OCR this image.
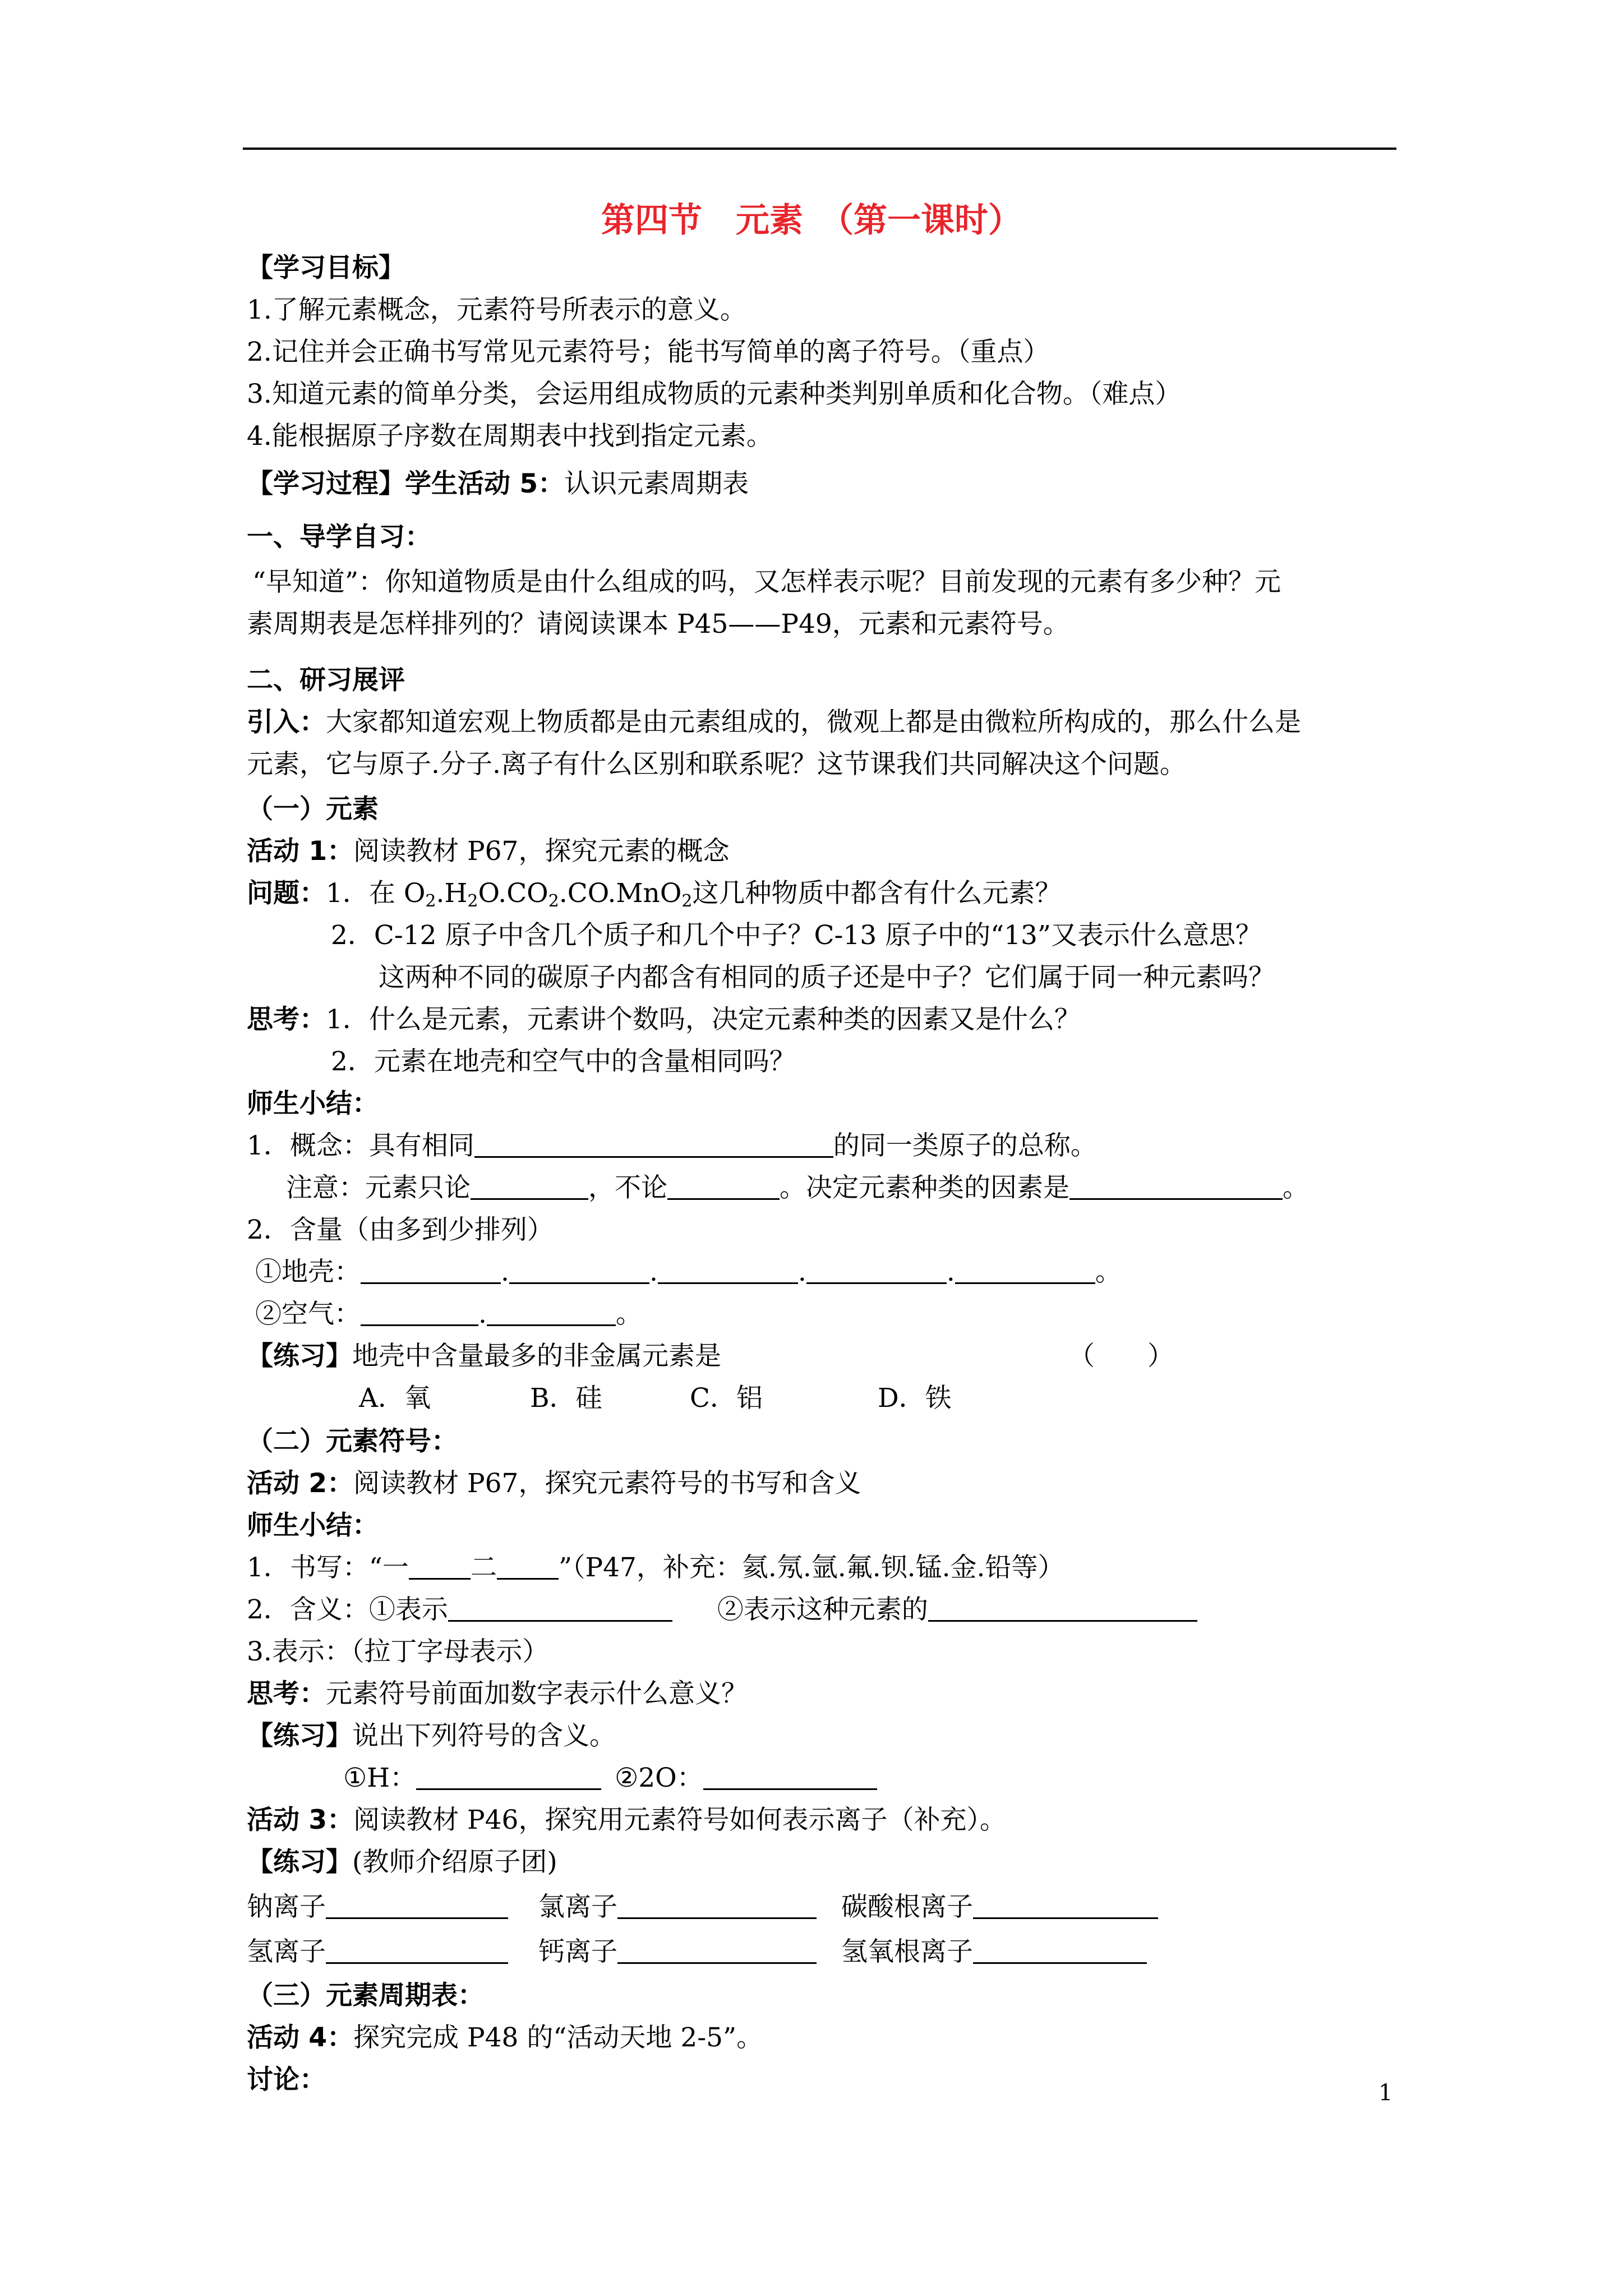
第四节　元素　（第一课时）
【学习目标】
1.了解元素概念，元素符号所表示的意义。
2.记住并会正确书写常见元素符号；能书写简单的离子符号。（重点）
3.知道元素的简单分类，会运用组成物质的元素种类判别单质和化合物。（难点）
4.能根据原子序数在周期表中找到指定元素。
【学习过程】学生活动 5：认识元素周期表
一、导学自习：
“早知道”：你知道物质是由什么组成的吗，又怎样表示呢？目前发现的元素有多少种？元
素周期表是怎样排列的？请阅读课本 P45——P49，元素和元素符号。
二、研习展评
引入：大家都知道宏观上物质都是由元素组成的，微观上都是由微粒所构成的，那么什么是
元素，它与原子.分子.离子有什么区别和联系呢？这节课我们共同解决这个问题。
（一）元素
活动 1：阅读教材 P67，探究元素的概念
问题：1．在 $O_2.H_2O.CO_2.CO.MnO_2$这几种物质中都含有什么元素？
2．C-12 原子中含几个质子和几个中子？C-13 原子中的“13”又表示什么意思？
这两种不同的碳原子内都含有相同的质子还是中子？它们属于同一种元素吗？
思考：1．什么是元素，元素讲个数吗，决定元素种类的因素又是什么？
2．元素在地壳和空气中的含量相同吗？
师生小结：
1．概念：具有相同	的同一类原子的总称。
注意：元素只论	，不论	。决定元素种类的因素是	。
2．含量（由多到少排列）
①地壳：	.	.	.	.	。
②空气：	.	。
【练习】地壳中含量最多的非金属元素是	（　　）
A．氧	B．硅	C．铝	D．铁
（二）元素符号：
活动 2：阅读教材 P67，探究元素符号的书写和含义
师生小结：
1．书写：“一 二 ”（P47，补充：氦.氖.氩.氟.钡.锰.金.铅等）
2．含义：①表示	②表示这种元素的
3.表示：（拉丁字母表示）
思考：元素符号前面加数字表示什么意义？
【练习】说出下列符号的含义。
①H：	②2O：
活动 3：阅读教材 P46，探究用元素符号如何表示离子（补充）。
【练习】(教师介绍原子团)
钠离子	氯离子	碳酸根离子
氢离子	钙离子	氢氧根离子
（三）元素周期表：
活动 4：探究完成 P48 的“活动天地 2-5”。
讨论：	1
